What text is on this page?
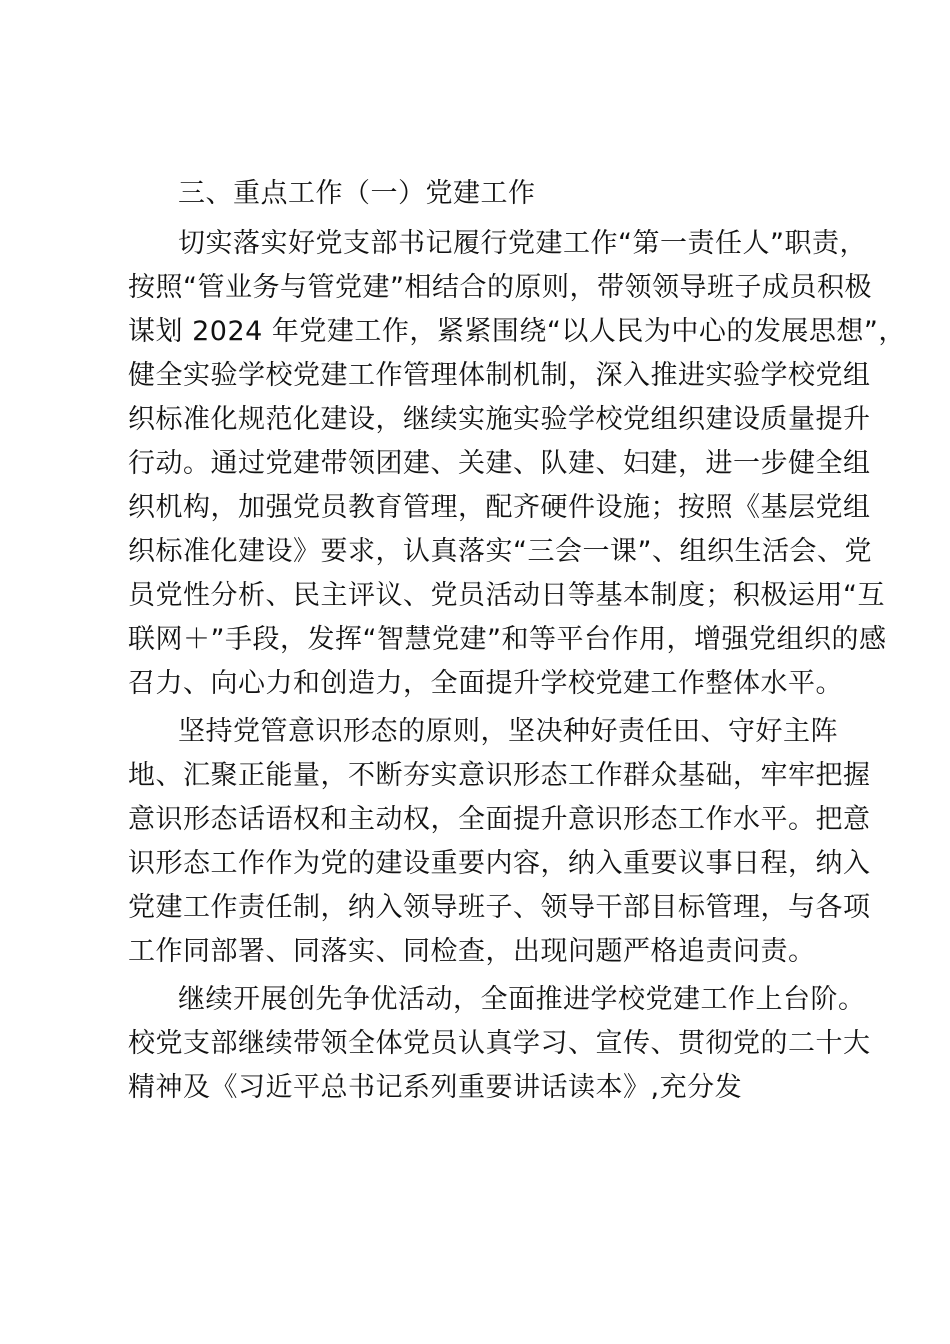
三、重点工作（一）党建工作
切实落实好党支部书记履行党建工作“第一责任人”职责，
按照“管业务与管党建”相结合的原则，带领领导班子成员积极
谋划 2024 年党建工作，紧紧围绕“以人民为中心的发展思想”，
健全实验学校党建工作管理体制机制，深入推进实验学校党组
织标准化规范化建设，继续实施实验学校党组织建设质量提升
行动。通过党建带领团建、关建、队建、妇建，进一步健全组
织机构，加强党员教育管理，配齐硬件设施；按照《基层党组
织标准化建设》要求，认真落实“三会一课”、组织生活会、党
员党性分析、民主评议、党员活动日等基本制度；积极运用“互
联网＋”手段，发挥“智慧党建”和等平台作用，增强党组织的感
召力、向心力和创造力，全面提升学校党建工作整体水平。
坚持党管意识形态的原则，坚决种好责任田、守好主阵
地、汇聚正能量，不断夯实意识形态工作群众基础，牢牢把握
意识形态话语权和主动权，全面提升意识形态工作水平。把意
识形态工作作为党的建设重要内容，纳入重要议事日程，纳入
党建工作责任制，纳入领导班子、领导干部目标管理，与各项
工作同部署、同落实、同检查，出现问题严格追责问责。
继续开展创先争优活动，全面推进学校党建工作上台阶。
校党支部继续带领全体党员认真学习、宣传、贯彻党的二十大
精神及《习近平总书记系列重要讲话读本》,充分发
